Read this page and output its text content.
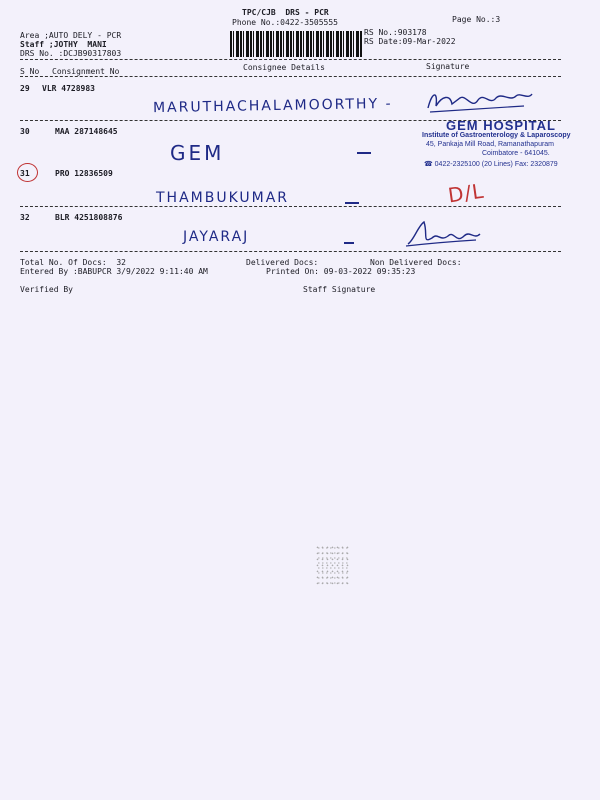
TPC/CJB  DRS - PCR
Phone No.:0422-3505555	Page No.:3
Area ;AUTO DELY - PCR
Staff ;JOTHY  MANI
DRS No. :DCJB90317803
RS No.:903178
RS Date:09-Mar-2022
S No Consignment No	Consignee Details	Signature
29 VLR 4728983
MARUTHACHALAMOORTHY -
30	MAA 287148645
GEM
GEM HOSPITAL
Institute of Gastroenterology & Laparoscopy
45, Pankaja Mill Road, Ramanathapuram
Coimbatore - 641045.
☎ 0422-2325100 (20 Lines) Fax: 2320879
31	PRO 12836509
THAMBUKUMAR	D/L
32	BLR 4251808876
JAYARAJ
Total No. Of Docs:  32	Delivered Docs:	Non Delivered Docs:
Entered By :BABUPCR 3/9/2022 9:11:40 AM	Printed On: 09-03-2022 09:35:23
Verified By	Staff Signature
